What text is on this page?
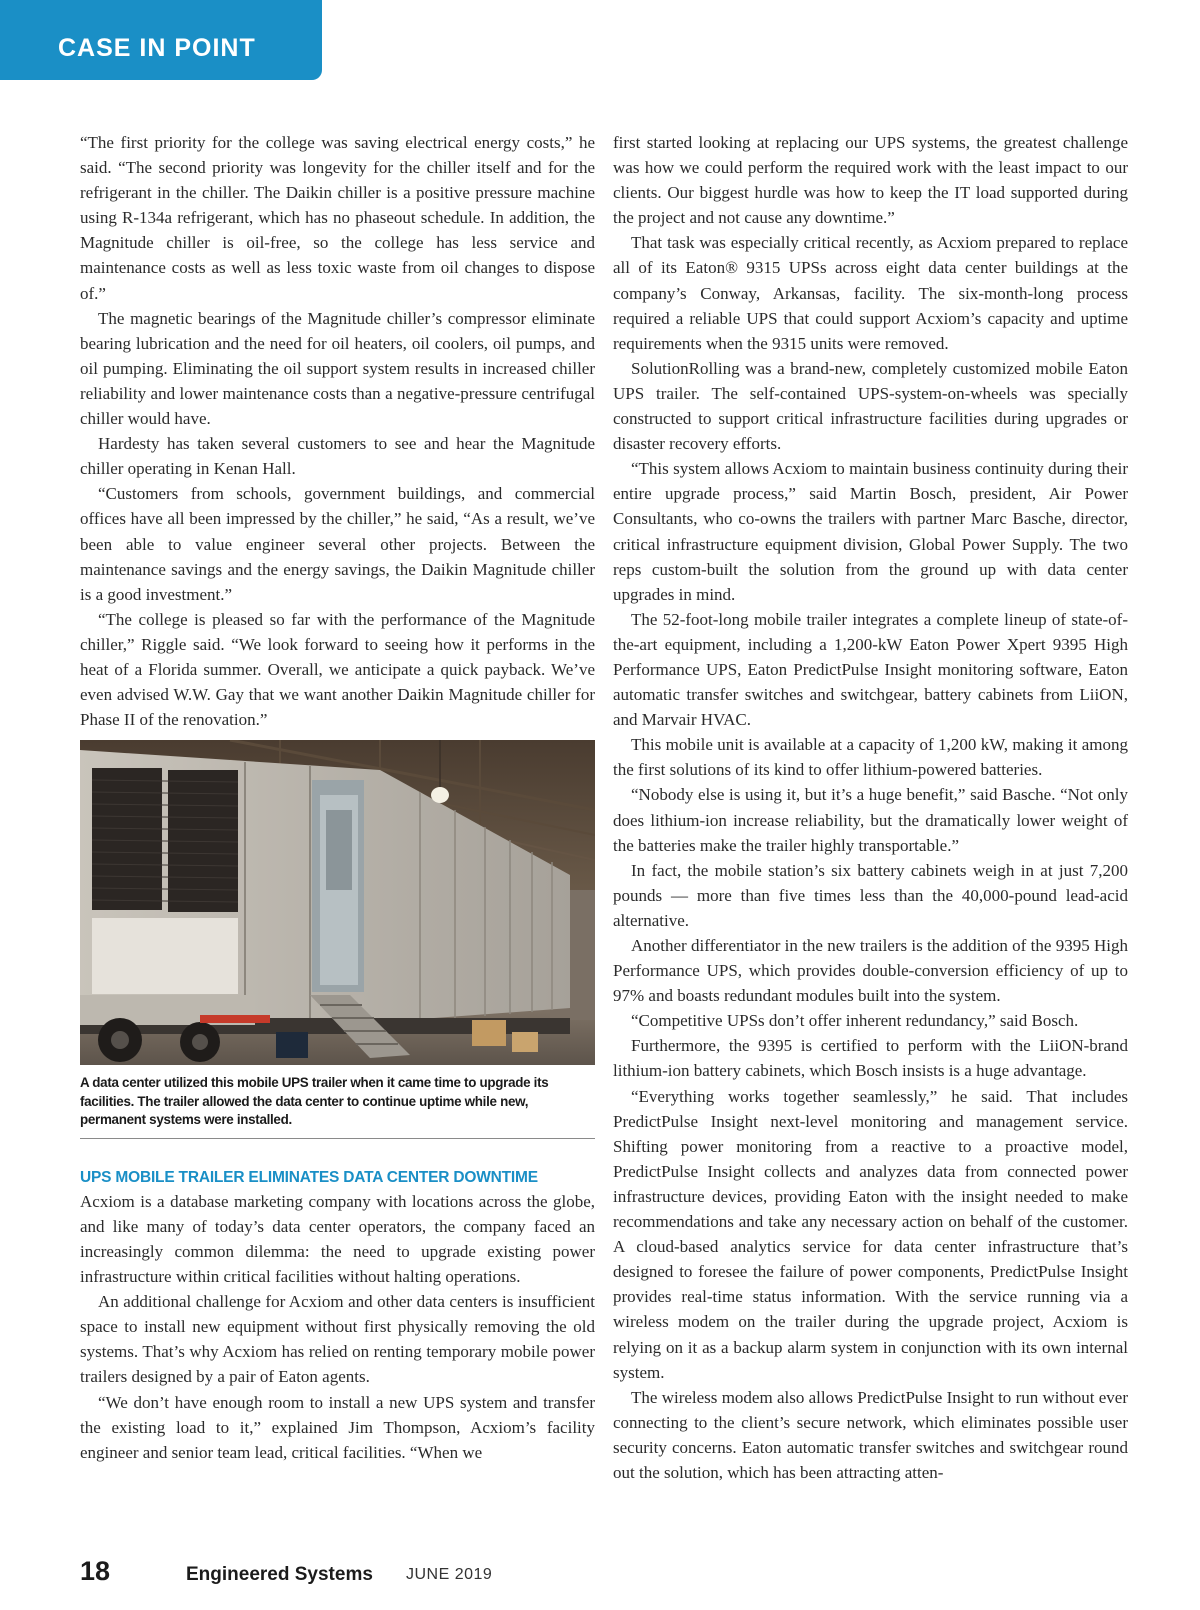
CASE IN POINT

“The first priority for the college was saving electrical energy costs,” he said. “The second priority was longevity for the chiller itself and for the refrigerant in the chiller. The Daikin chiller is a positive pressure machine using R-134a refrigerant, which has no phaseout schedule. In addition, the Magnitude chiller is oil-free, so the college has less service and maintenance costs as well as less toxic waste from oil changes to dispose of.”

The magnetic bearings of the Magnitude chiller’s compressor eliminate bearing lubrication and the need for oil heaters, oil coolers, oil pumps, and oil pumping. Eliminating the oil support system results in increased chiller reliability and lower maintenance costs than a negative-pressure centrifugal chiller would have.

Hardesty has taken several customers to see and hear the Magnitude chiller operating in Kenan Hall.

“Customers from schools, government buildings, and commercial offices have all been impressed by the chiller,” he said, “As a result, we’ve been able to value engineer several other projects. Between the maintenance savings and the energy savings, the Daikin Magnitude chiller is a good investment.”

“The college is pleased so far with the performance of the Magnitude chiller,” Riggle said. “We look forward to seeing how it performs in the heat of a Florida summer. Overall, we anticipate a quick payback. We’ve even advised W.W. Gay that we want another Daikin Magnitude chiller for Phase II of the renovation.”

A data center utilized this mobile UPS trailer when it came time to upgrade its facilities. The trailer allowed the data center to continue uptime while new, permanent systems were installed.
UPS MOBILE TRAILER ELIMINATES DATA CENTER DOWNTIME

Acxiom is a database marketing company with locations across the globe, and like many of today’s data center operators, the company faced an increasingly common dilemma: the need to upgrade existing power infrastructure within critical facilities without halting operations.

An additional challenge for Acxiom and other data centers is insufficient space to install new equipment without first physically removing the old systems. That’s why Acxiom has relied on renting temporary mobile power trailers designed by a pair of Eaton agents.

“We don’t have enough room to install a new UPS system and transfer the existing load to it,” explained Jim Thompson, Acxiom’s facility engineer and senior team lead, critical facilities. “When we

first started looking at replacing our UPS systems, the greatest challenge was how we could perform the required work with the least impact to our clients. Our biggest hurdle was how to keep the IT load supported during the project and not cause any downtime.”

That task was especially critical recently, as Acxiom prepared to replace all of its Eaton® 9315 UPSs across eight data center buildings at the company’s Conway, Arkansas, facility. The six-month-long process required a reliable UPS that could support Acxiom’s capacity and uptime requirements when the 9315 units were removed.

SolutionRolling was a brand-new, completely customized mobile Eaton UPS trailer. The self-contained UPS-system-on-wheels was specially constructed to support critical infrastructure facilities during upgrades or disaster recovery efforts.

“This system allows Acxiom to maintain business continuity during their entire upgrade process,” said Martin Bosch, president, Air Power Consultants, who co-owns the trailers with partner Marc Basche, director, critical infrastructure equipment division, Global Power Supply. The two reps custom-built the solution from the ground up with data center upgrades in mind.

The 52-foot-long mobile trailer integrates a complete lineup of state-of-the-art equipment, including a 1,200-kW Eaton Power Xpert 9395 High Performance UPS, Eaton PredictPulse Insight monitoring software, Eaton automatic transfer switches and switchgear, battery cabinets from LiiON, and Marvair HVAC.

This mobile unit is available at a capacity of 1,200 kW, making it among the first solutions of its kind to offer lithium-powered batteries.

“Nobody else is using it, but it’s a huge benefit,” said Basche. “Not only does lithium-ion increase reliability, but the dramatically lower weight of the batteries make the trailer highly transportable.”

In fact, the mobile station’s six battery cabinets weigh in at just 7,200 pounds — more than five times less than the 40,000-pound lead-acid alternative.

Another differentiator in the new trailers is the addition of the 9395 High Performance UPS, which provides double-conversion efficiency of up to 97% and boasts redundant modules built into the system.

“Competitive UPSs don’t offer inherent redundancy,” said Bosch.

Furthermore, the 9395 is certified to perform with the LiiON-brand lithium-ion battery cabinets, which Bosch insists is a huge advantage.

“Everything works together seamlessly,” he said. That includes PredictPulse Insight next-level monitoring and management service. Shifting power monitoring from a reactive to a proactive model, PredictPulse Insight collects and analyzes data from connected power infrastructure devices, providing Eaton with the insight needed to make recommendations and take any necessary action on behalf of the customer. A cloud-based analytics service for data center infrastructure that’s designed to foresee the failure of power components, PredictPulse Insight provides real-time status information. With the service running via a wireless modem on the trailer during the upgrade project, Acxiom is relying on it as a backup alarm system in conjunction with its own internal system.

The wireless modem also allows PredictPulse Insight to run without ever connecting to the client’s secure network, which eliminates possible user security concerns. Eaton automatic transfer switches and switchgear round out the solution, which has been attracting atten-

18	Engineered Systems JUNE 2019
